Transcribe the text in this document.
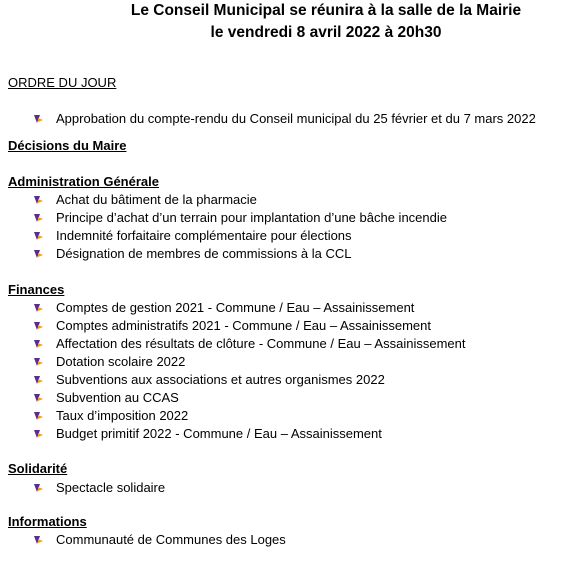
Le Conseil Municipal se réunira à la salle de la Mairie
le vendredi 8 avril 2022 à 20h30
ORDRE DU JOUR
Approbation du compte-rendu du Conseil municipal du 25 février et du 7 mars 2022
Décisions du Maire
Administration Générale
Achat du bâtiment de la pharmacie
Principe d’achat d’un terrain pour implantation d’une bâche incendie
Indemnité forfaitaire complémentaire pour élections
Désignation de membres de commissions à la CCL
Finances
Comptes de gestion 2021 - Commune / Eau – Assainissement
Comptes administratifs 2021 - Commune / Eau – Assainissement
Affectation des résultats de clôture - Commune / Eau – Assainissement
Dotation scolaire 2022
Subventions aux associations et autres organismes 2022
Subvention au CCAS
Taux d’imposition 2022
Budget primitif 2022 - Commune / Eau – Assainissement
Solidarité
Spectacle solidaire
Informations
Communauté de Communes des Loges
